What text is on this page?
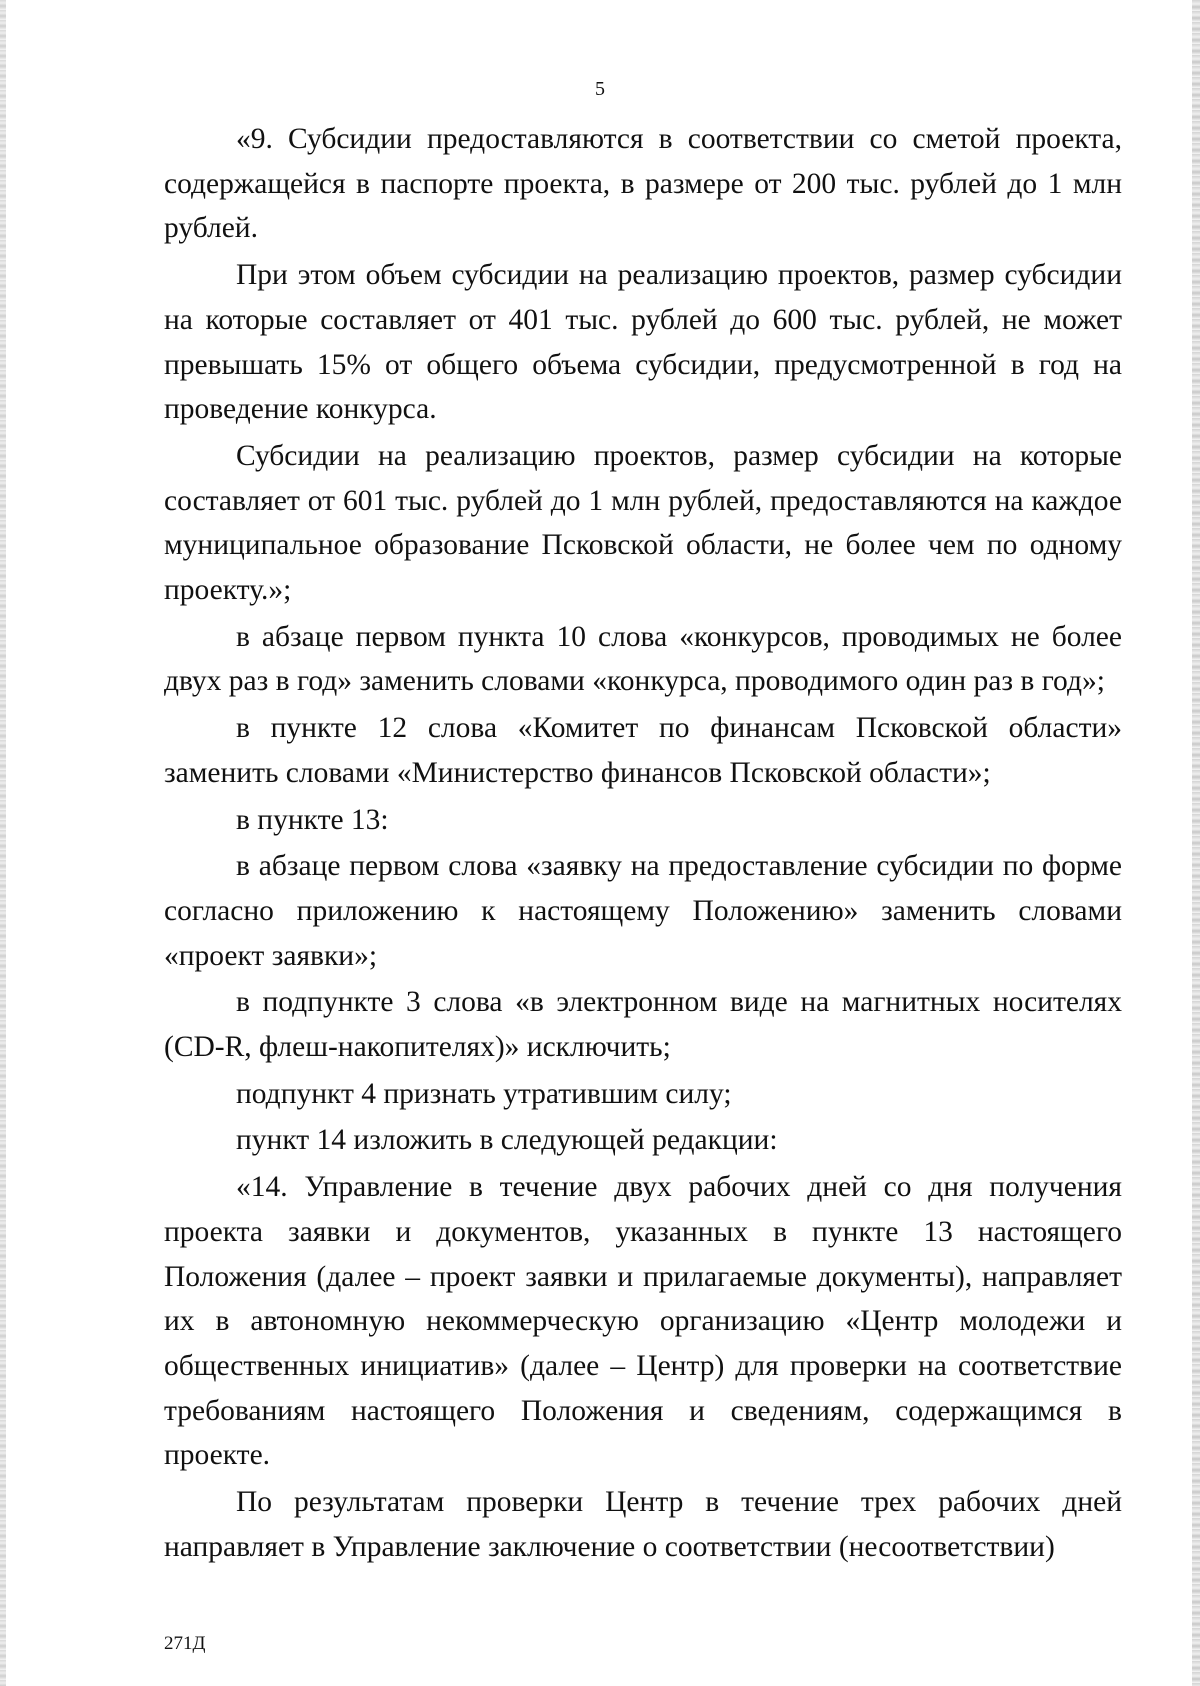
5

«9. Субсидии предоставляются в соответствии со сметой проекта, содержащейся в паспорте проекта, в размере от 200 тыс. рублей до 1 млн рублей.

При этом объем субсидии на реализацию проектов, размер субсидии на которые составляет от 401 тыс. рублей до 600 тыс. рублей, не может превышать 15% от общего объема субсидии, предусмотренной в год на проведение конкурса.

Субсидии на реализацию проектов, размер субсидии на которые составляет от 601 тыс. рублей до 1 млн рублей, предоставляются на каждое муниципальное образование Псковской области, не более чем по одному проекту.»;

в абзаце первом пункта 10 слова «конкурсов, проводимых не более двух раз в год» заменить словами «конкурса, проводимого один раз в год»;

в пункте 12 слова «Комитет по финансам Псковской области» заменить словами «Министерство финансов Псковской области»;

в пункте 13:

в абзаце первом слова «заявку на предоставление субсидии по форме согласно приложению к настоящему Положению» заменить словами «проект заявки»;

в подпункте 3 слова «в электронном виде на магнитных носителях (CD-R, флеш-накопителях)» исключить;

подпункт 4 признать утратившим силу;

пункт 14 изложить в следующей редакции:

«14. Управление в течение двух рабочих дней со дня получения проекта заявки и документов, указанных в пункте 13 настоящего Положения (далее – проект заявки и прилагаемые документы), направляет их в автономную некоммерческую организацию «Центр молодежи и общественных инициатив» (далее – Центр) для проверки на соответствие требованиям настоящего Положения и сведениям, содержащимся в проекте.

По результатам проверки Центр в течение трех рабочих дней направляет в Управление заключение о соответствии (несоответствии)

271Д
